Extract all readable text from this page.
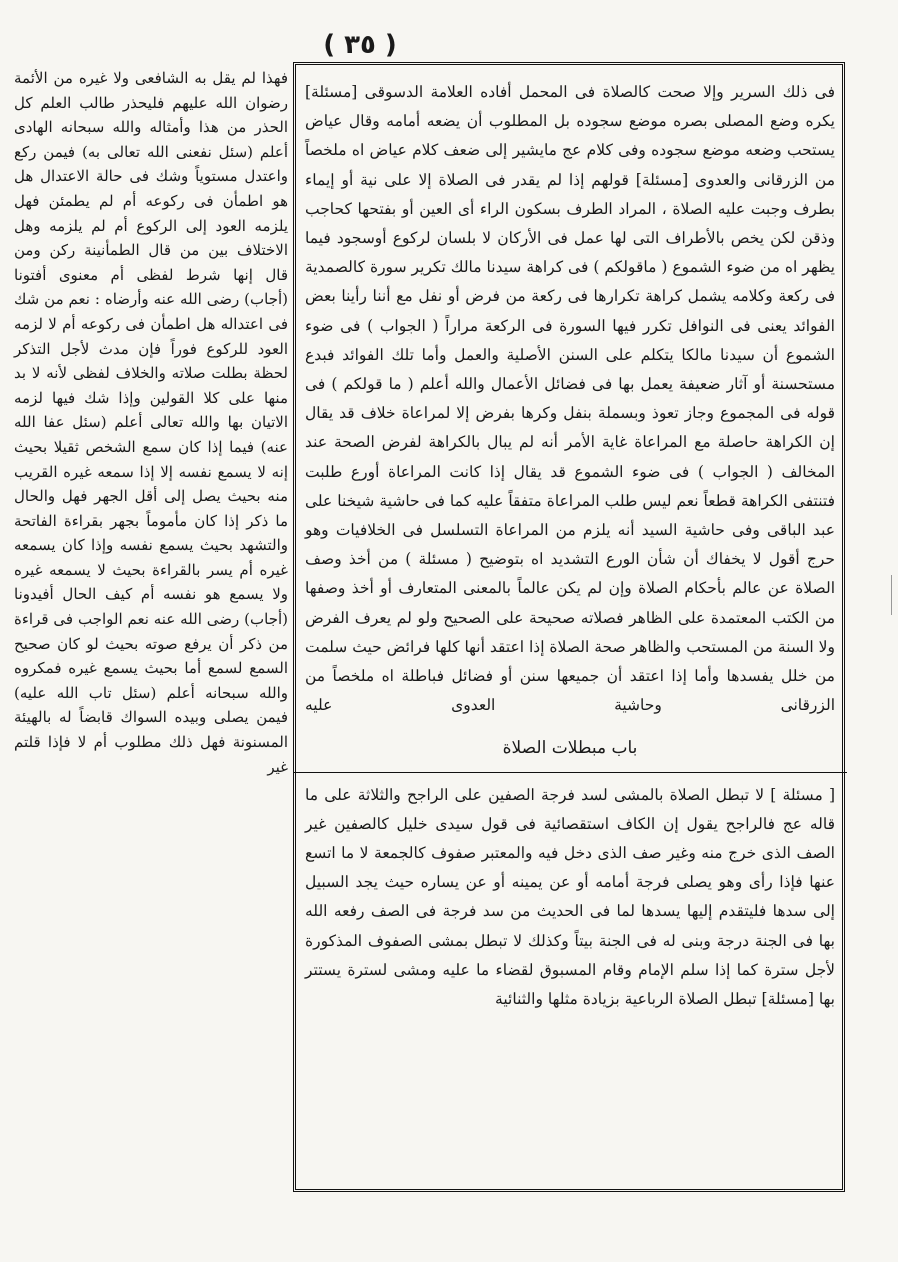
( ٣٥ )

فى ذلك السرير وإلا صحت كالصلاة فى المحمل أفاده العلامة الدسوقى [مسئلة] يكره وضع المصلى بصره موضع سجوده بل المطلوب أن يضعه أمامه وقال عياض يستحب وضعه موضع سجوده وفى كلام عج مايشير إلى ضعف كلام عياض اه ملخصاً من الزرقانى والعدوى [مسئلة] قولهم إذا لم يقدر فى الصلاة إلا على نية أو إيماء بطرف وجبت عليه الصلاة ، المراد الطرف بسكون الراء أى العين أو بفتحها كحاجب وذقن لكن يخص بالأطراف التى لها عمل فى الأركان لا بلسان لركوع أوسجود فيما يظهر اه من ضوء الشموع ( ماقولكم ) فى كراهة سيدنا مالك تكرير سورة كالصمدية فى ركعة وكلامه يشمل كراهة تكرارها فى ركعة من فرض أو نفل مع أننا رأينا بعض الفوائد يعنى فى النوافل تكرر فيها السورة فى الركعة مراراً ( الجواب ) فى ضوء الشموع أن سيدنا مالكا يتكلم على السنن الأصلية والعمل وأما تلك الفوائد فبدع مستحسنة أو آثار ضعيفة يعمل بها فى فضائل الأعمال والله أعلم ( ما قولكم ) فى قوله فى المجموع وجاز تعوذ وبسملة بنفل وكرها بفرض إلا لمراعاة خلاف قد يقال إن الكراهة حاصلة مع المراعاة غاية الأمر أنه لم يبال بالكراهة لفرض الصحة عند المخالف ( الجواب ) فى ضوء الشموع قد يقال إذا كانت المراعاة أورع طلبت فتنتفى الكراهة قطعاً نعم ليس طلب المراعاة متفقاً عليه كما فى حاشية شيخنا على عبد الباقى وفى حاشية السيد أنه يلزم من المراعاة التسلسل فى الخلافيات وهو حرج أقول لا يخفاك أن شأن الورع التشديد اه بتوضيح ( مسئلة ) من أخذ وصف الصلاة عن عالم بأحكام الصلاة وإن لم يكن عالماً بالمعنى المتعارف أو أخذ وصفها من الكتب المعتمدة على الظاهر فصلاته صحيحة على الصحيح ولو لم يعرف الفرض ولا السنة من المستحب والظاهر صحة الصلاة إذا اعتقد أنها كلها فرائض حيث سلمت من خلل يفسدها وأما إذا اعتقد أن جميعها سنن أو فضائل فباطلة اه ملخصاً من الزرقانى وحاشية العدوى عليه

باب مبطلات الصلاة

[ مسئلة ] لا تبطل الصلاة بالمشى لسد فرجة الصفين على الراجح والثلاثة على ما قاله عج فالراجح يقول إن الكاف استقصائية فى قول سيدى خليل كالصفين غير الصف الذى خرج منه وغير صف الذى دخل فيه والمعتبر صفوف كالجمعة لا ما اتسع عنها فإذا رأى وهو يصلى فرجة أمامه أو عن يمينه أو عن يساره حيث يجد السبيل إلى سدها فليتقدم إليها يسدها لما فى الحديث من سد فرجة فى الصف رفعه الله بها فى الجنة درجة وبنى له فى الجنة بيتاً وكذلك لا تبطل بمشى الصفوف المذكورة لأجل سترة كما إذا سلم الإمام وقام المسبوق لقضاء ما عليه ومشى لسترة يستتر بها [مسئلة] تبطل الصلاة الرباعية بزيادة مثلها والثنائية

فهذا لم يقل به الشافعى ولا غيره من الأئمة رضوان الله عليهم فليحذر طالب العلم كل الحذر من هذا وأمثاله والله سبحانه الهادى أعلم (سئل نفعنى الله تعالى به) فيمن ركع واعتدل مستوياً وشك فى حالة الاعتدال هل هو اطمأن فى ركوعه أم لم يطمئن فهل يلزمه العود إلى الركوع أم لم يلزمه وهل الاختلاف بين من قال الطمأنينة ركن ومن قال إنها شرط لفظى أم معنوى أفتونا (أجاب) رضى الله عنه وأرضاه : نعم من شك فى اعتداله هل اطمأن فى ركوعه أم لا لزمه العود للركوع فوراً فإن مدث لأجل التذكر لحظة بطلت صلاته والخلاف لفظى لأنه لا بد منها على كلا القولين وإذا شك فيها لزمه الاتيان بها والله تعالى أعلم (سئل عفا الله عنه) فيما إذا كان سمع الشخص ثقيلا بحيث إنه لا يسمع نفسه إلا إذا سمعه غيره القريب منه بحيث يصل إلى أقل الجهر فهل والحال ما ذكر إذا كان مأموماً بجهر بقراءة الفاتحة والتشهد بحيث يسمع نفسه وإذا كان يسمعه غيره أم يسر بالقراءة بحيث لا يسمعه غيره ولا يسمع هو نفسه أم كيف الحال أفيدونا (أجاب) رضى الله عنه نعم الواجب فى قراءة من ذكر أن يرفع صوته بحيث لو كان صحيح السمع لسمع أما بحيث يسمع غيره فمكروه والله سبحانه أعلم (سئل تاب الله عليه) فيمن يصلى وبيده السواك قابضاً له بالهيئة المسنونة فهل ذلك مطلوب أم لا فإذا قلتم غير
